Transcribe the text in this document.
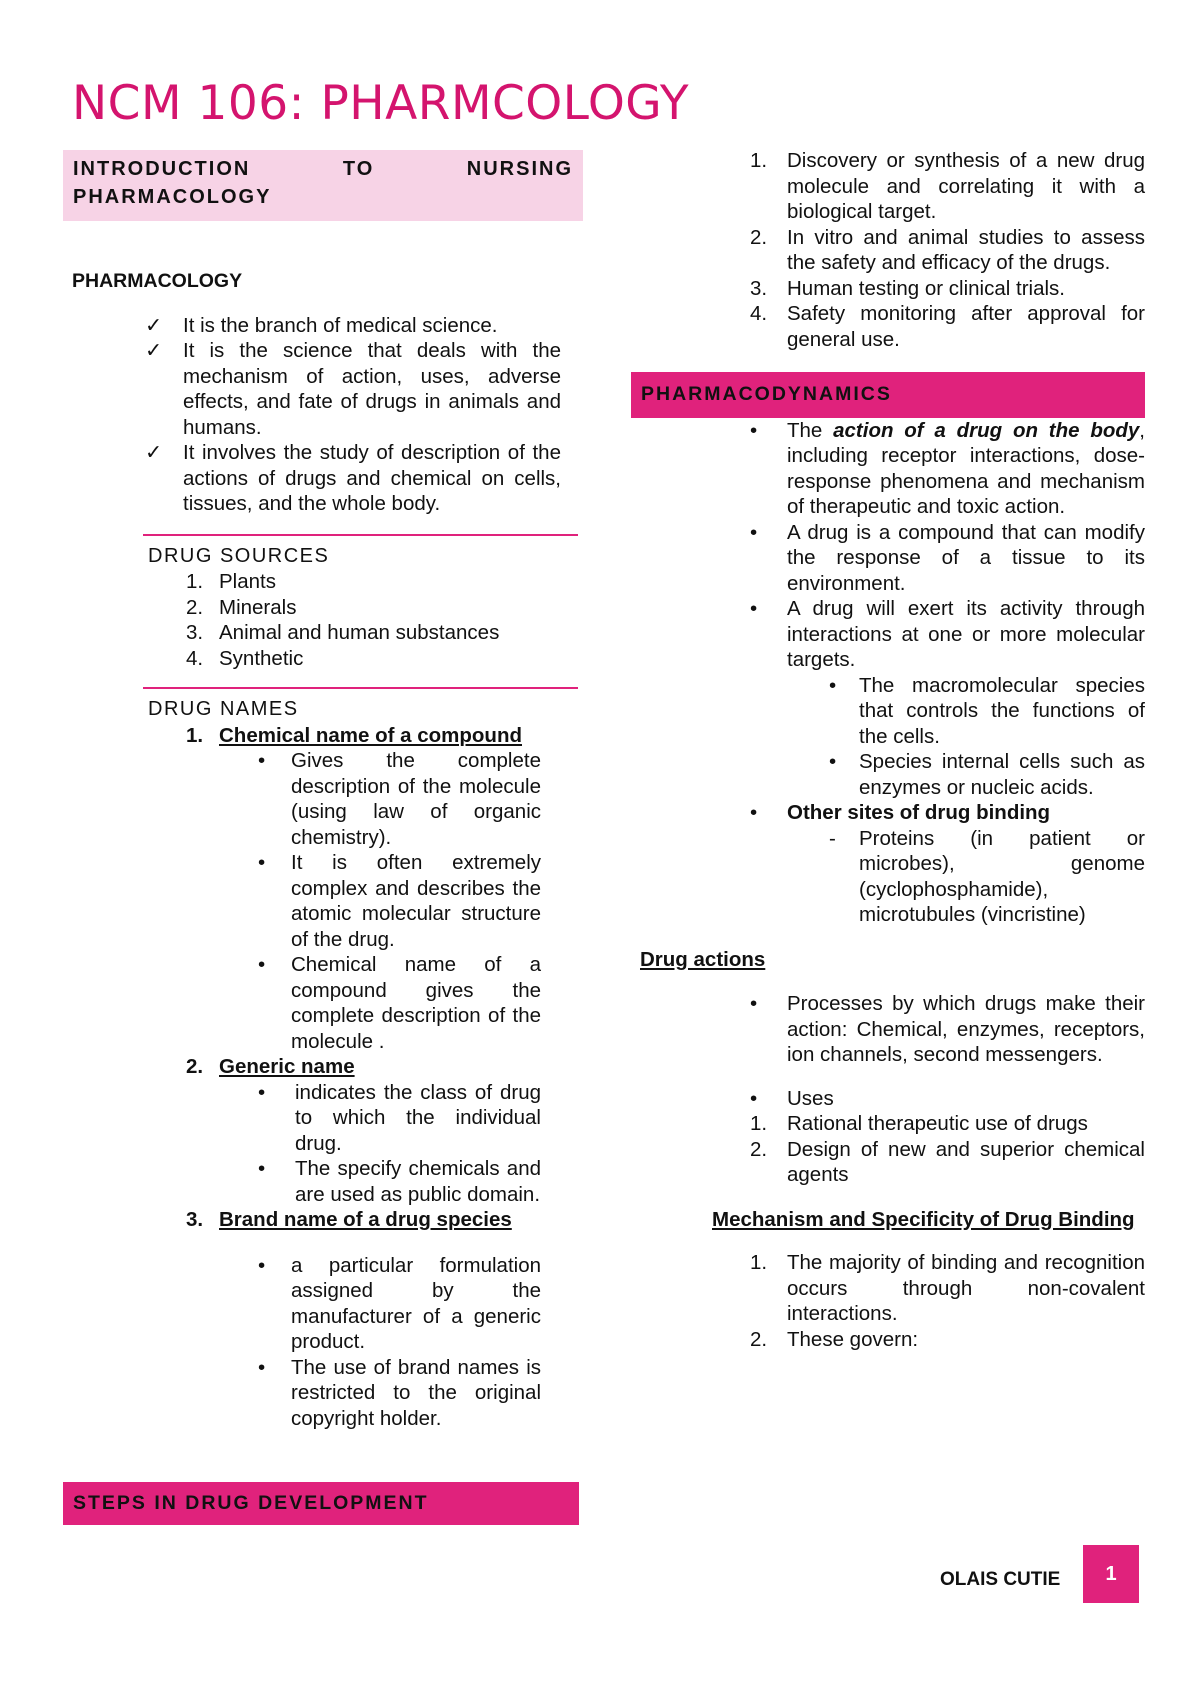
NCM 106: PHARMCOLOGY
INTRODUCTION TO NURSING PHARMACOLOGY
PHARMACOLOGY
✓ It is the branch of medical science.
✓ It is the science that deals with the mechanism of action, uses, adverse effects, and fate of drugs in animals and humans.
✓ It involves the study of description of the actions of drugs and chemical on cells, tissues, and the whole body.
DRUG SOURCES
1. Plants
2. Minerals
3. Animal and human substances
4. Synthetic
DRUG NAMES
1. Chemical name of a compound
• Gives the complete description of the molecule (using law of organic chemistry).
• It is often extremely complex and describes the atomic molecular structure of the drug.
• Chemical name of a compound gives the complete description of the molecule .
2. Generic name
• indicates the class of drug to which the individual drug.
• The specify chemicals and are used as public domain.
3. Brand name of a drug species
• a particular formulation assigned by the manufacturer of a generic product.
• The use of brand names is restricted to the original copyright holder.
STEPS IN DRUG DEVELOPMENT
1. Discovery or synthesis of a new drug molecule and correlating it with a biological target.
2. In vitro and animal studies to assess the safety and efficacy of the drugs.
3. Human testing or clinical trials.
4. Safety monitoring after approval for general use.
PHARMACODYNAMICS
• The action of a drug on the body, including receptor interactions, dose-response phenomena and mechanism of therapeutic and toxic action.
• A drug is a compound that can modify the response of a tissue to its environment.
• A drug will exert its activity through interactions at one or more molecular targets.
• The macromolecular species that controls the functions of the cells.
• Species internal cells such as enzymes or nucleic acids.
• Other sites of drug binding
- Proteins (in patient or microbes), genome (cyclophosphamide), microtubules (vincristine)
Drug actions
• Processes by which drugs make their action: Chemical, enzymes, receptors, ion channels, second messengers.
• Uses
1. Rational therapeutic use of drugs
2. Design of new and superior chemical agents
Mechanism and Specificity of Drug Binding
1. The majority of binding and recognition occurs through non-covalent interactions.
2. These govern:
OLAIS CUTIE	1
